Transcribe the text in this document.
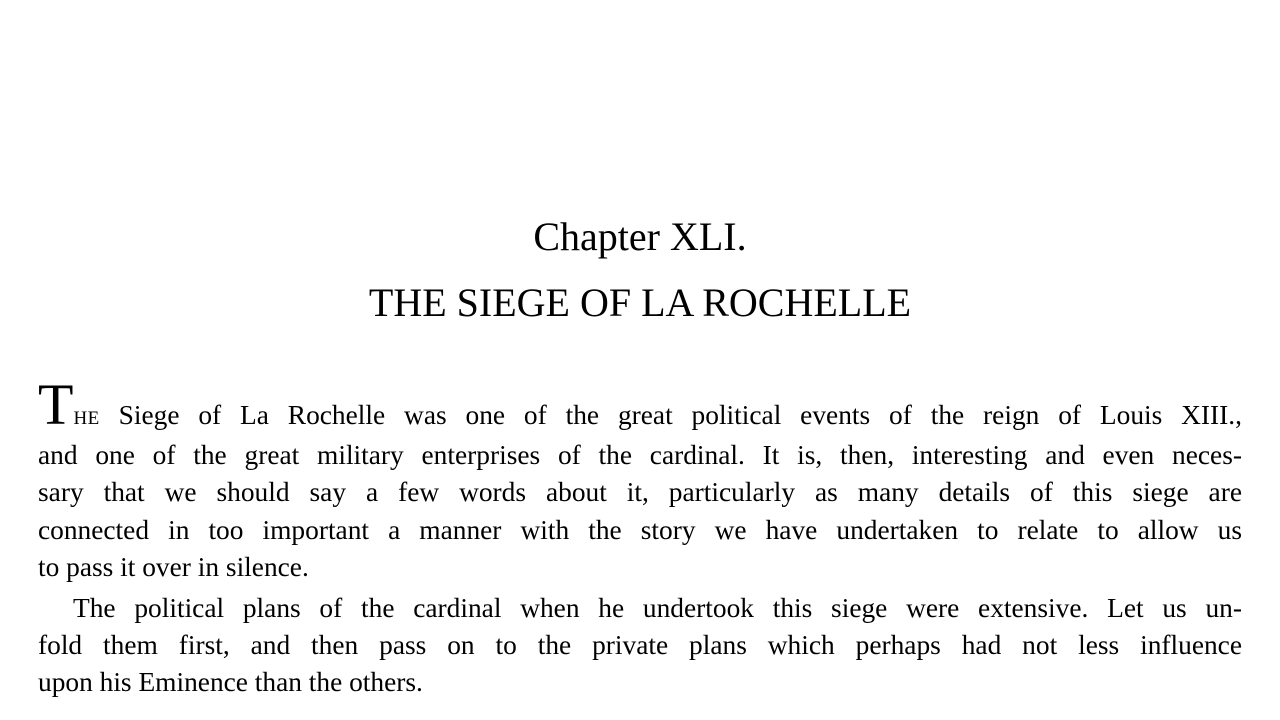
Chapter XLI.
THE SIEGE OF LA ROCHELLE

THE Siege of La Rochelle was one of the great political events of the reign of Louis XIII.,
and one of the great military enterprises of the cardinal. It is, then, interesting and even neces-
sary that we should say a few words about it, particularly as many details of this siege are
connected in too important a manner with the story we have undertaken to relate to allow us
to pass it over in silence.

The political plans of the cardinal when he undertook this siege were extensive. Let us un-
fold them first, and then pass on to the private plans which perhaps had not less influence
upon his Eminence than the others.
